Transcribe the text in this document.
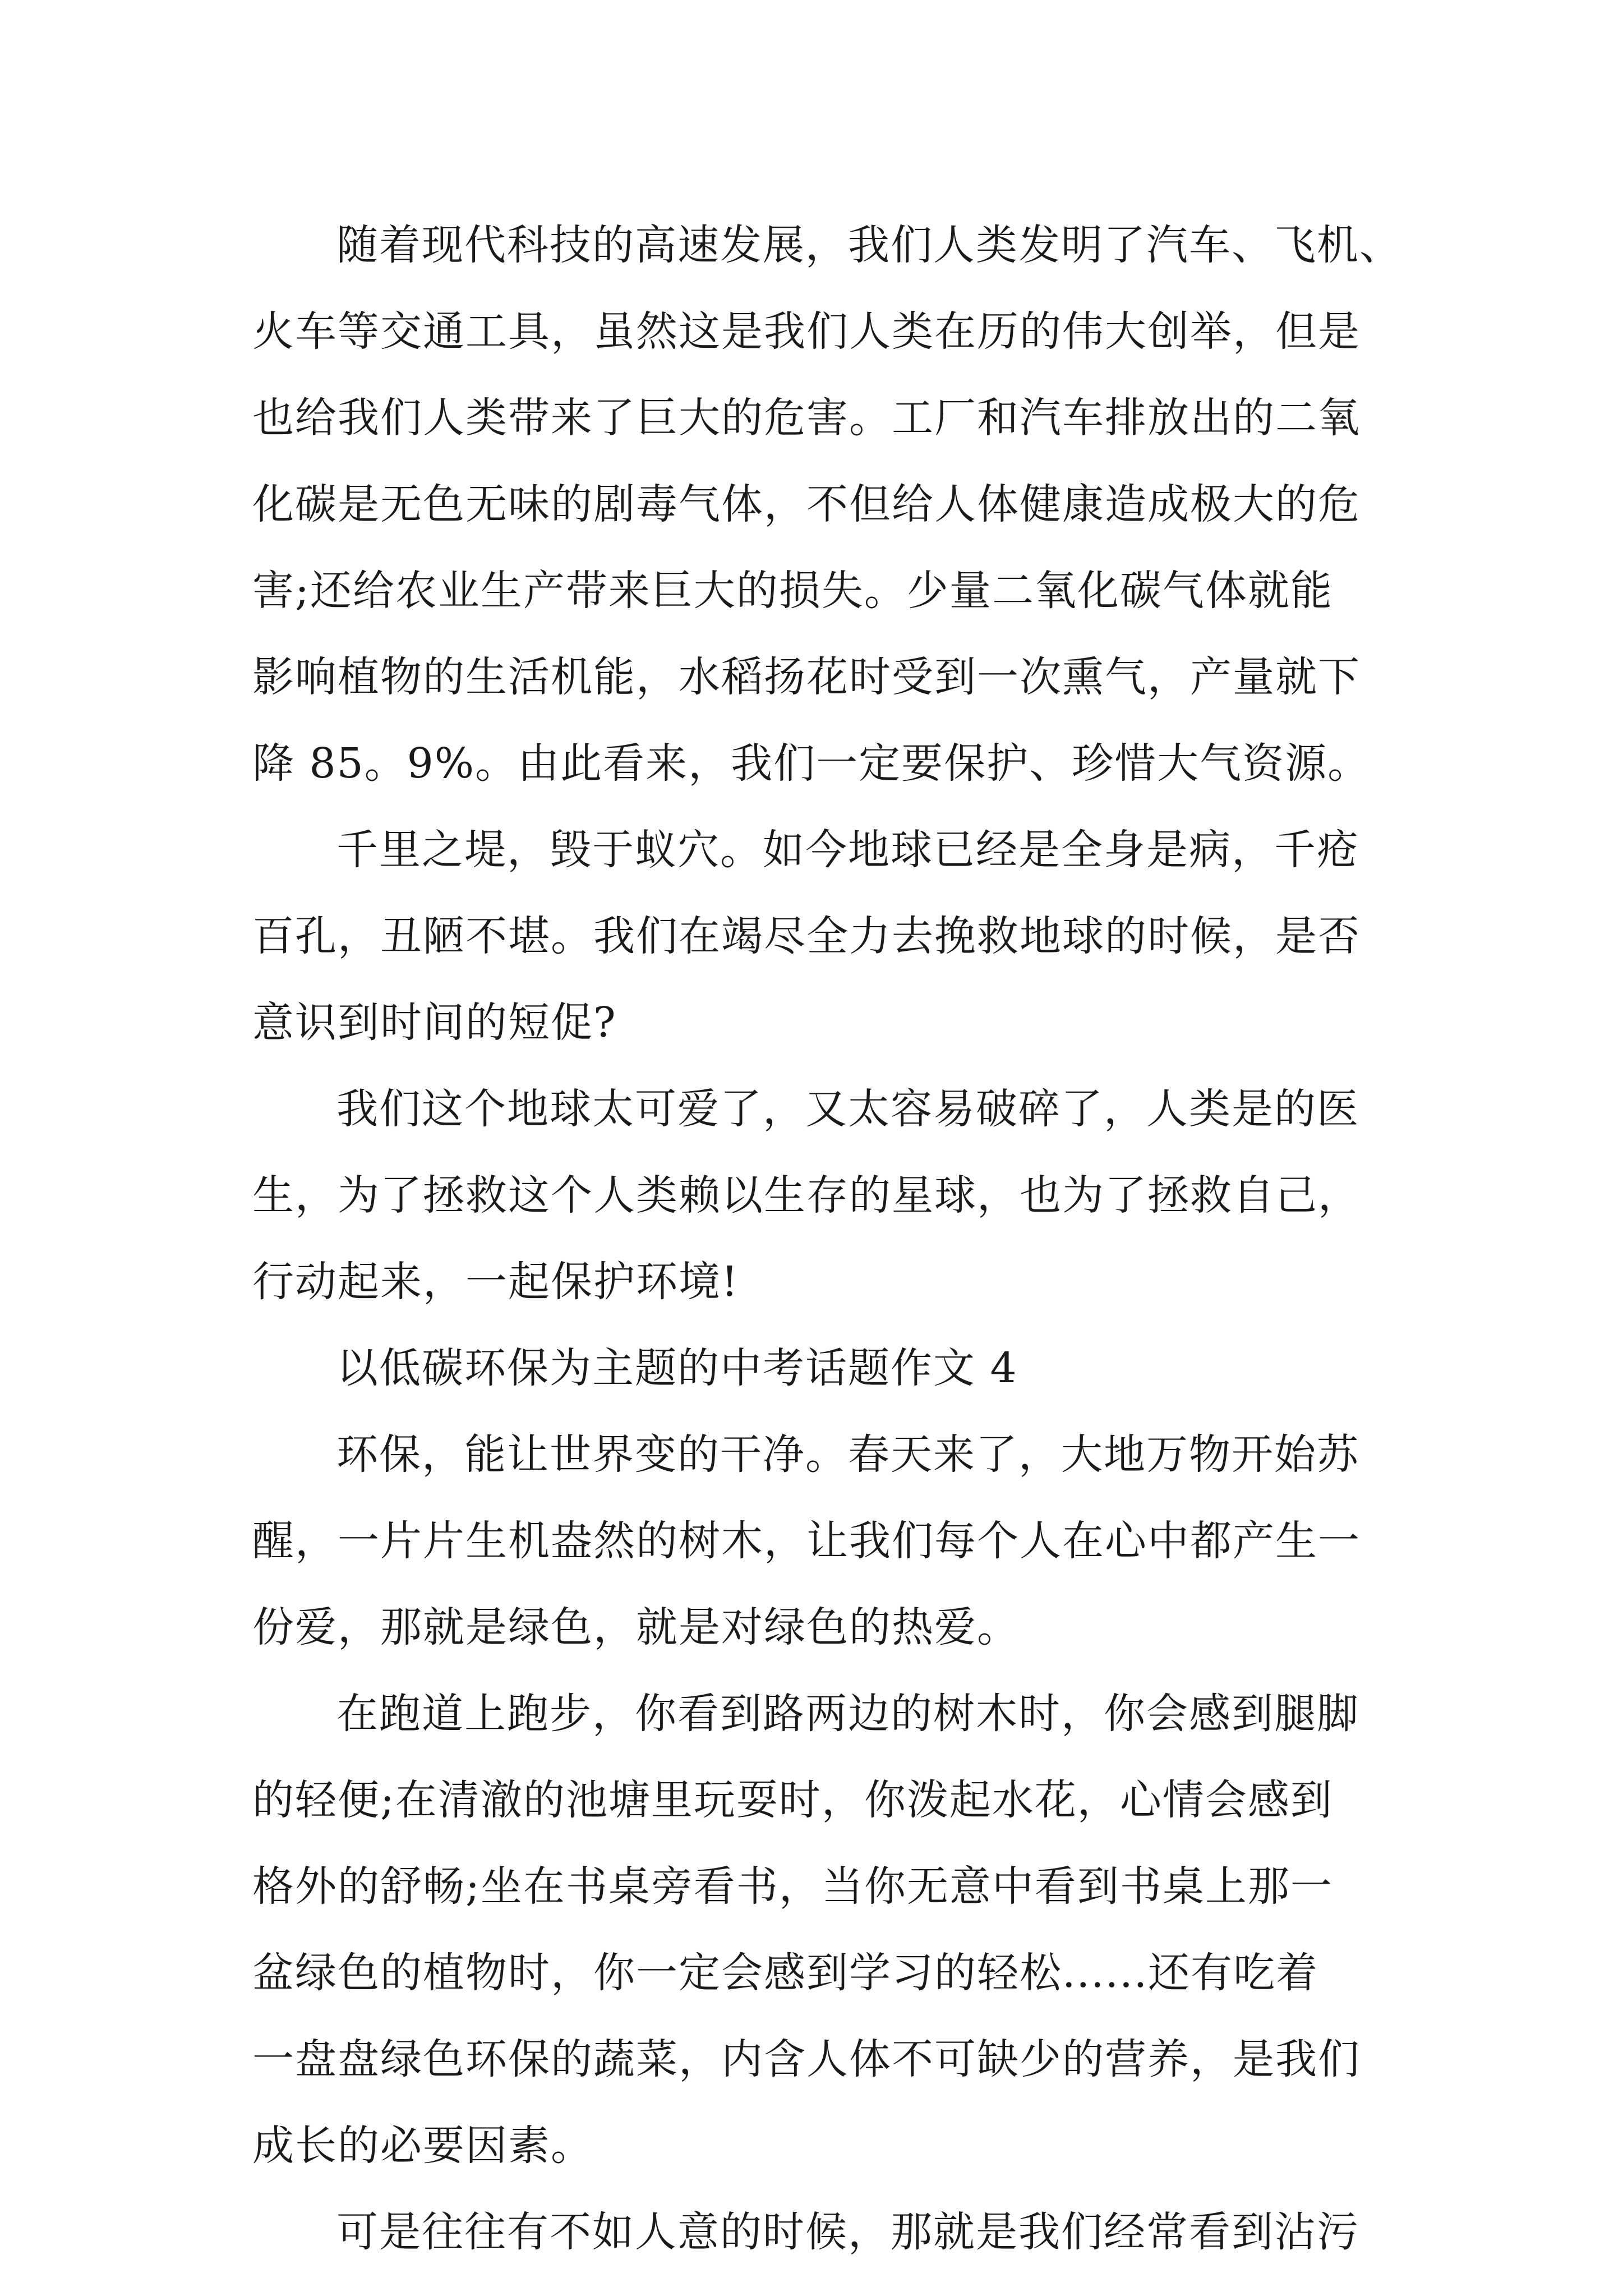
随着现代科技的高速发展，我们人类发明了汽车、飞机、
火车等交通工具，虽然这是我们人类在历的伟大创举，但是
也给我们人类带来了巨大的危害。工厂和汽车排放出的二氧
化碳是无色无味的剧毒气体，不但给人体健康造成极大的危
害;还给农业生产带来巨大的损失。少量二氧化碳气体就能
影响植物的生活机能，水稻扬花时受到一次熏气，产量就下
降 85。9%。由此看来，我们一定要保护、珍惜大气资源。
千里之堤，毁于蚁穴。如今地球已经是全身是病，千疮
百孔，丑陋不堪。我们在竭尽全力去挽救地球的时候，是否
意识到时间的短促?
我们这个地球太可爱了，又太容易破碎了，人类是的医
生，为了拯救这个人类赖以生存的星球，也为了拯救自己，
行动起来，一起保护环境!
以低碳环保为主题的中考话题作文 4
环保，能让世界变的干净。春天来了，大地万物开始苏
醒，一片片生机盎然的树木，让我们每个人在心中都产生一
份爱，那就是绿色，就是对绿色的热爱。
在跑道上跑步，你看到路两边的树木时，你会感到腿脚
的轻便;在清澈的池塘里玩耍时，你泼起水花，心情会感到
格外的舒畅;坐在书桌旁看书，当你无意中看到书桌上那一
盆绿色的植物时，你一定会感到学习的轻松......还有吃着
一盘盘绿色环保的蔬菜，内含人体不可缺少的营养，是我们
成长的必要因素。
可是往往有不如人意的时候，那就是我们经常看到沾污
